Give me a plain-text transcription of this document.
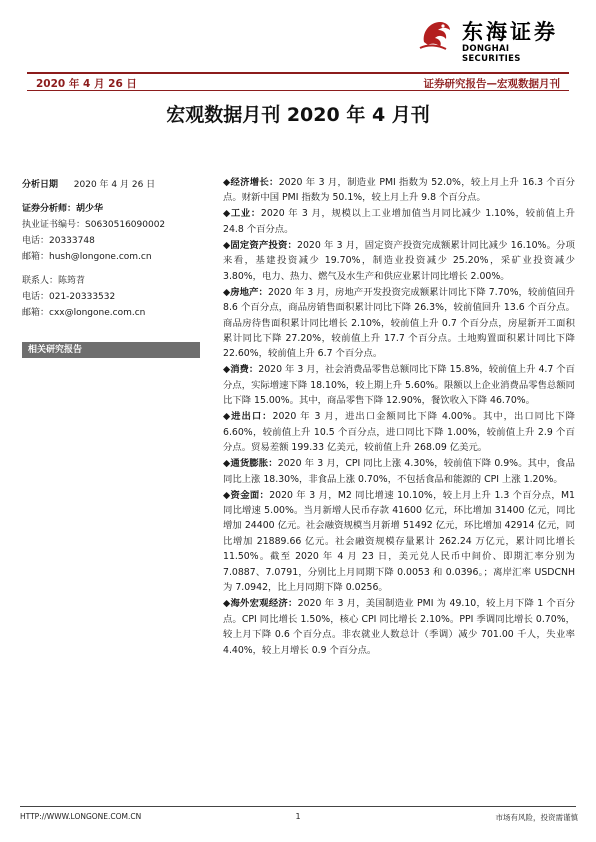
东海证券
DONGHAI SECURITIES
2020 年 4 月 26 日	证券研究报告—宏观数据月刊
宏观数据月刊 2020 年 4 月刊
分析日期 2020 年 4 月 26 日
证券分析师：胡少华
执业证书编号：S0630516090002
电话：20333748
邮箱：hush@longone.com.cn
联系人：陈筠苕
电话：021-20333532
邮箱：cxx@longone.com.cn
相关研究报告

◆经济增长：2020 年 3 月，制造业 PMI 指数为 52.0%，较上月上升 16.3 个百分点。财新中国 PMI 指数为 50.1%，较上月上升 9.8 个百分点。

◆工业：2020 年 3 月，规模以上工业增加值当月同比减少 1.10%，较前值上升 24.8 个百分点。

◆固定资产投资：2020 年 3 月，固定资产投资完成额累计同比减少 16.10%。分项来看，基建投资减少 19.70%，制造业投资减少 25.20%，采矿业投资减少 3.80%，电力、热力、燃气及水生产和供应业累计同比增长 2.00%。

◆房地产：2020 年 3 月，房地产开发投资完成额累计同比下降 7.70%，较前值回升 8.6 个百分点，商品房销售面积累计同比下降 26.3%，较前值回升 13.6 个百分点。商品房待售面积累计同比增长 2.10%，较前值上升 0.7 个百分点，房屋新开工面积累计同比下降 27.20%，较前值上升 17.7 个百分点。土地购置面积累计同比下降 22.60%，较前值上升 6.7 个百分点。

◆消费：2020 年 3 月，社会消费品零售总额同比下降 15.8%，较前值上升 4.7 个百分点，实际增速下降 18.10%，较上期上升 5.60%。限额以上企业消费品零售总额同比下降 15.00%。其中，商品零售下降 12.90%，餐饮收入下降 46.70%。

◆进出口：2020 年 3 月，进出口金额同比下降 4.00%。其中，出口同比下降 6.60%，较前值上升 10.5 个百分点，进口同比下降 1.00%，较前值上升 2.9 个百分点。贸易差额 199.33 亿美元，较前值上升 268.09 亿美元。

◆通货膨胀：2020 年 3 月，CPI 同比上涨 4.30%，较前值下降 0.9%。其中，食品同比上涨 18.30%，非食品上涨 0.70%，不包括食品和能源的 CPI 上涨 1.20%。

◆资金面：2020 年 3 月，M2 同比增速 10.10%，较上月上升 1.3 个百分点，M1 同比增速 5.00%。当月新增人民币存款 41600 亿元，环比增加 31400 亿元，同比增加 24400 亿元。社会融资规模当月新增 51492 亿元，环比增加 42914 亿元，同比增加 21889.66 亿元。社会融资规模存量累计 262.24 万亿元，累计同比增长 11.50%。截至 2020 年 4 月 23 日，美元兑人民币中间价、即期汇率分别为 7.0887、7.0791，分别比上月同期下降 0.0053 和 0.0396。；离岸汇率 USDCNH 为 7.0942，比上月同期下降 0.0256。

◆海外宏观经济：2020 年 3 月，美国制造业 PMI 为 49.10，较上月下降 1 个百分点。CPI 同比增长 1.50%，核心 CPI 同比增长 2.10%。PPI 季调同比增长 0.70%，较上月下降 0.6 个百分点。非农就业人数总计（季调）减少 701.00 千人，失业率 4.40%，较上月增长 0.9 个百分点。

HTTP://WWW.LONGONE.COM.CN	1	市场有风险，投资需谨慎
